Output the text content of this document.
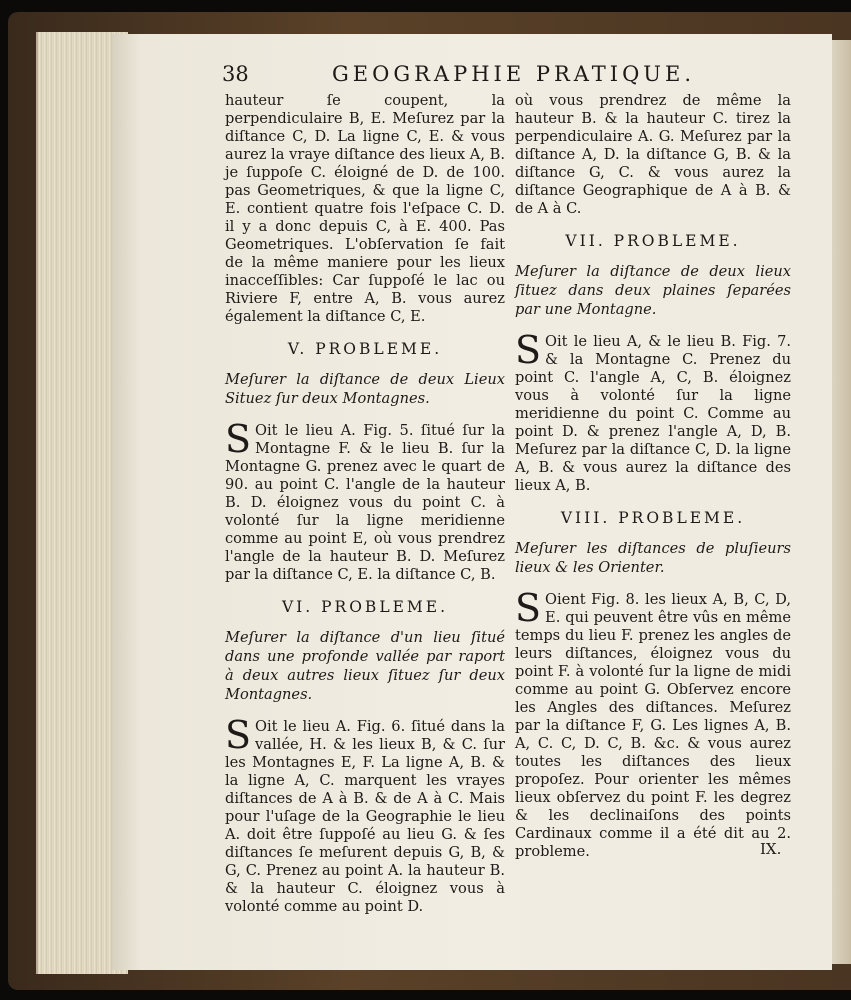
38	GEOGRAPHIE PRATIQUE.

hauteur ſe coupent, la perpendiculaire B, E. Meſurez par la diſtance C, D. La ligne C, E. & vous aurez la vraye diſtance des lieux A, B. je ſuppoſe C. éloigné de D. de 100. pas Geometriques, & que la ligne C, E. contient quatre fois l'eſpace C. D. il y a donc depuis C, à E. 400. Pas Geometriques. L'obſervation ſe fait de la même maniere pour les lieux inacceſſibles: Car ſuppoſé le lac ou Riviere F, entre A, B. vous aurez également la diſtance C, E.

V. PROBLEME.

Meſurer la diſtance de deux Lieux Situez ſur deux Montagnes.

S Oit le lieu A. Fig. 5. ſitué ſur la Montagne F. & le lieu B. ſur la Montagne G. prenez avec le quart de 90. au point C. l'angle de la hauteur B. D. éloignez vous du point C. à volonté ſur la ligne meridienne comme au point E, où vous prendrez l'angle de la hauteur B. D. Meſurez par la diſtance C, E. la diſtance C, B.

VI. PROBLEME.

Meſurer la diſtance d'un lieu ſitué dans une profonde vallée par raport à deux autres lieux ſituez ſur deux Montagnes.

S Oit le lieu A. Fig. 6. ſitué dans la vallée, H. & les lieux B, & C. ſur les Montagnes E, F. La ligne A, B. & la ligne A, C. marquent les vrayes diſtances de A à B. & de A à C. Mais pour l'uſage de la Geographie le lieu A. doit être ſuppoſé au lieu G. & ſes diſtances ſe meſurent depuis G, B, & G, C. Prenez au point A. la hauteur B. & la hauteur C. éloignez vous à volonté comme au point D.

où vous prendrez de même la hauteur B. & la hauteur C. tirez la perpendiculaire A. G. Meſurez par la diſtance A, D. la diſtance G, B. & la diſtance G, C. & vous aurez la diſtance Geographique de A à B. & de A à C.

VII. PROBLEME.

Meſurer la diſtance de deux lieux ſituez dans deux plaines ſeparées par une Montagne.

S Oit le lieu A, & le lieu B. Fig. 7. & la Montagne C. Prenez du point C. l'angle A, C, B. éloignez vous à volonté ſur la ligne meridienne du point C. Comme au point D. & prenez l'angle A, D, B. Meſurez par la diſtance C, D. la ligne A, B. & vous aurez la diſtance des lieux A, B.

VIII. PROBLEME.

Meſurer les diſtances de pluſieurs lieux & les Orienter.

S Oient Fig. 8. les lieux A, B, C, D, E. qui peuvent être vûs en même temps du lieu F. prenez les angles de leurs diſtances, éloignez vous du point F. à volonté ſur la ligne de midi comme au point G. Obſervez encore les Angles des diſtances. Meſurez par la diſtance F, G. Les lignes A, B. A, C. C, D. C, B. &c. & vous aurez toutes les diſtances des lieux propoſez. Pour orienter les mêmes lieux obſervez du point F. les degrez & les declinaiſons des points Cardinaux comme il a été dit au 2. probleme.	IX.
